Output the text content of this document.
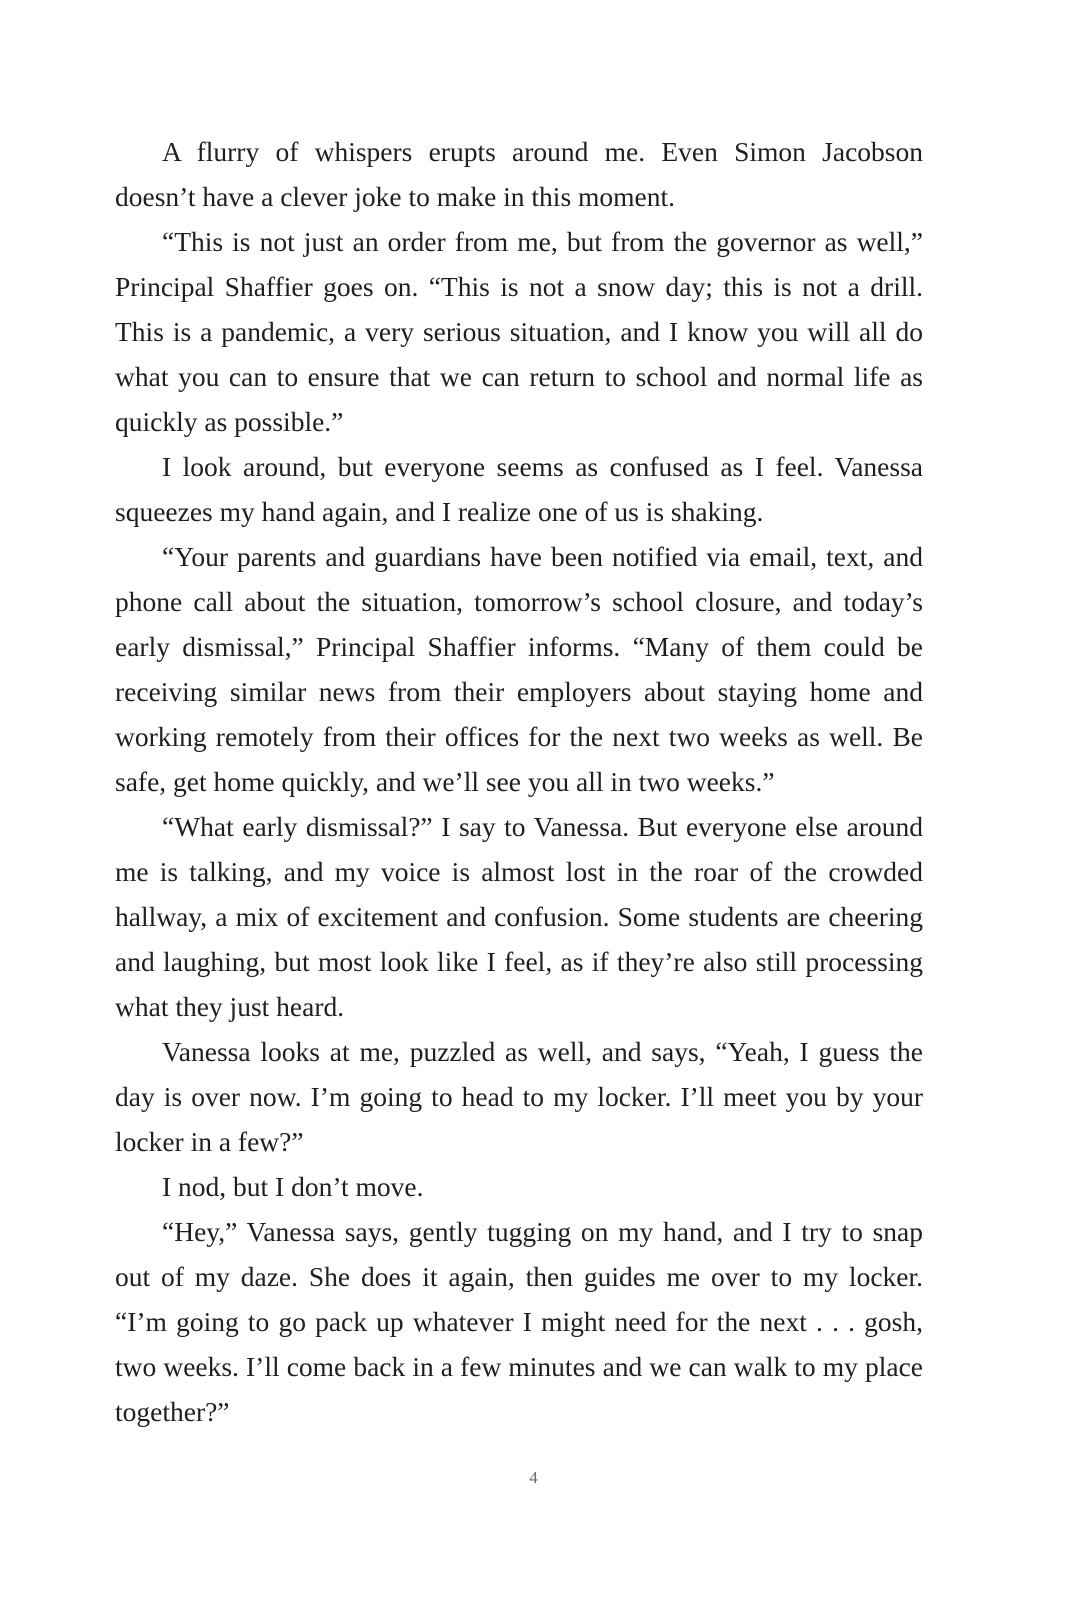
A flurry of whispers erupts around me. Even Simon Jacobson doesn’t have a clever joke to make in this moment.

“This is not just an order from me, but from the governor as well,” Principal Shaffier goes on. “This is not a snow day; this is not a drill. This is a pandemic, a very serious situation, and I know you will all do what you can to ensure that we can return to school and normal life as quickly as possible.”

I look around, but everyone seems as confused as I feel. Vanessa squeezes my hand again, and I realize one of us is shaking.

“Your parents and guardians have been notified via email, text, and phone call about the situation, tomorrow’s school closure, and today’s early dismissal,” Principal Shaffier informs. “Many of them could be receiving similar news from their employers about staying home and working remotely from their offices for the next two weeks as well. Be safe, get home quickly, and we’ll see you all in two weeks.”

“What early dismissal?” I say to Vanessa. But everyone else around me is talking, and my voice is almost lost in the roar of the crowded hallway, a mix of excitement and confusion. Some students are cheering and laughing, but most look like I feel, as if they’re also still processing what they just heard.

Vanessa looks at me, puzzled as well, and says, “Yeah, I guess the day is over now. I’m going to head to my locker. I’ll meet you by your locker in a few?”

I nod, but I don’t move.

“Hey,” Vanessa says, gently tugging on my hand, and I try to snap out of my daze. She does it again, then guides me over to my locker. “I’m going to go pack up whatever I might need for the next . . . gosh, two weeks. I’ll come back in a few minutes and we can walk to my place together?”

4
